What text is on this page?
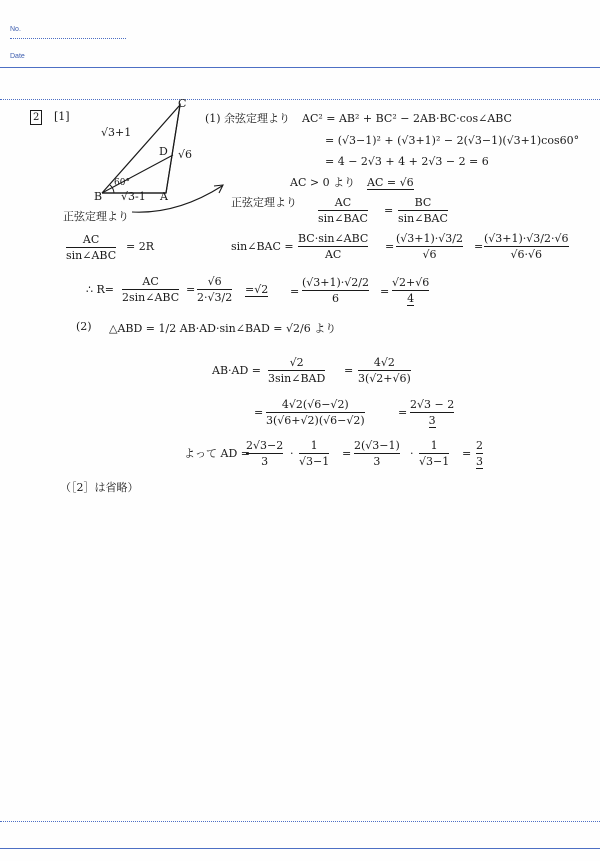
No.
Date
2 [1]
C
D
B	A
√3+1
√3-1
√6
60°
正弦定理より
AC
sin∠ABC
= 2R
∴ R=
AC
2sin∠ABC
=
√6
2·√3/2
=√2
(1) 余弦定理より AC² = AB² + BC² − 2AB·BC·cos∠ABC
= (√3−1)² + (√3+1)² − 2(√3−1)(√3+1)cos60°
= 4 − 2√3 + 4 + 2√3 − 2 = 6
AC > 0 より AC = √6
正弦定理より	AC
sin∠BAC
=
BC
sin∠BAC
sin∠BAC =
BC·sin∠ABC
AC
=
(√3+1)·√3/2
√6
=
(√3+1)·√3/2·√6
√6·√6
=
(√3+1)·√2/2
6
=
√2+√6
4
(2) △ABD = 1/2 AB·AD·sin∠BAD = √2/6 より
AB·AD =
√2
3sin∠BAD
=
4√2
3(√2+√6)
=
4√2(√6−√2)
3(√6+√2)(√6−√2)
=
2√3 − 2
3
よって AD =
2√3−2
3
·
1
√3−1
=
2(√3−1)
3
·
1
√3−1
=
2
3
（［2］は省略）
